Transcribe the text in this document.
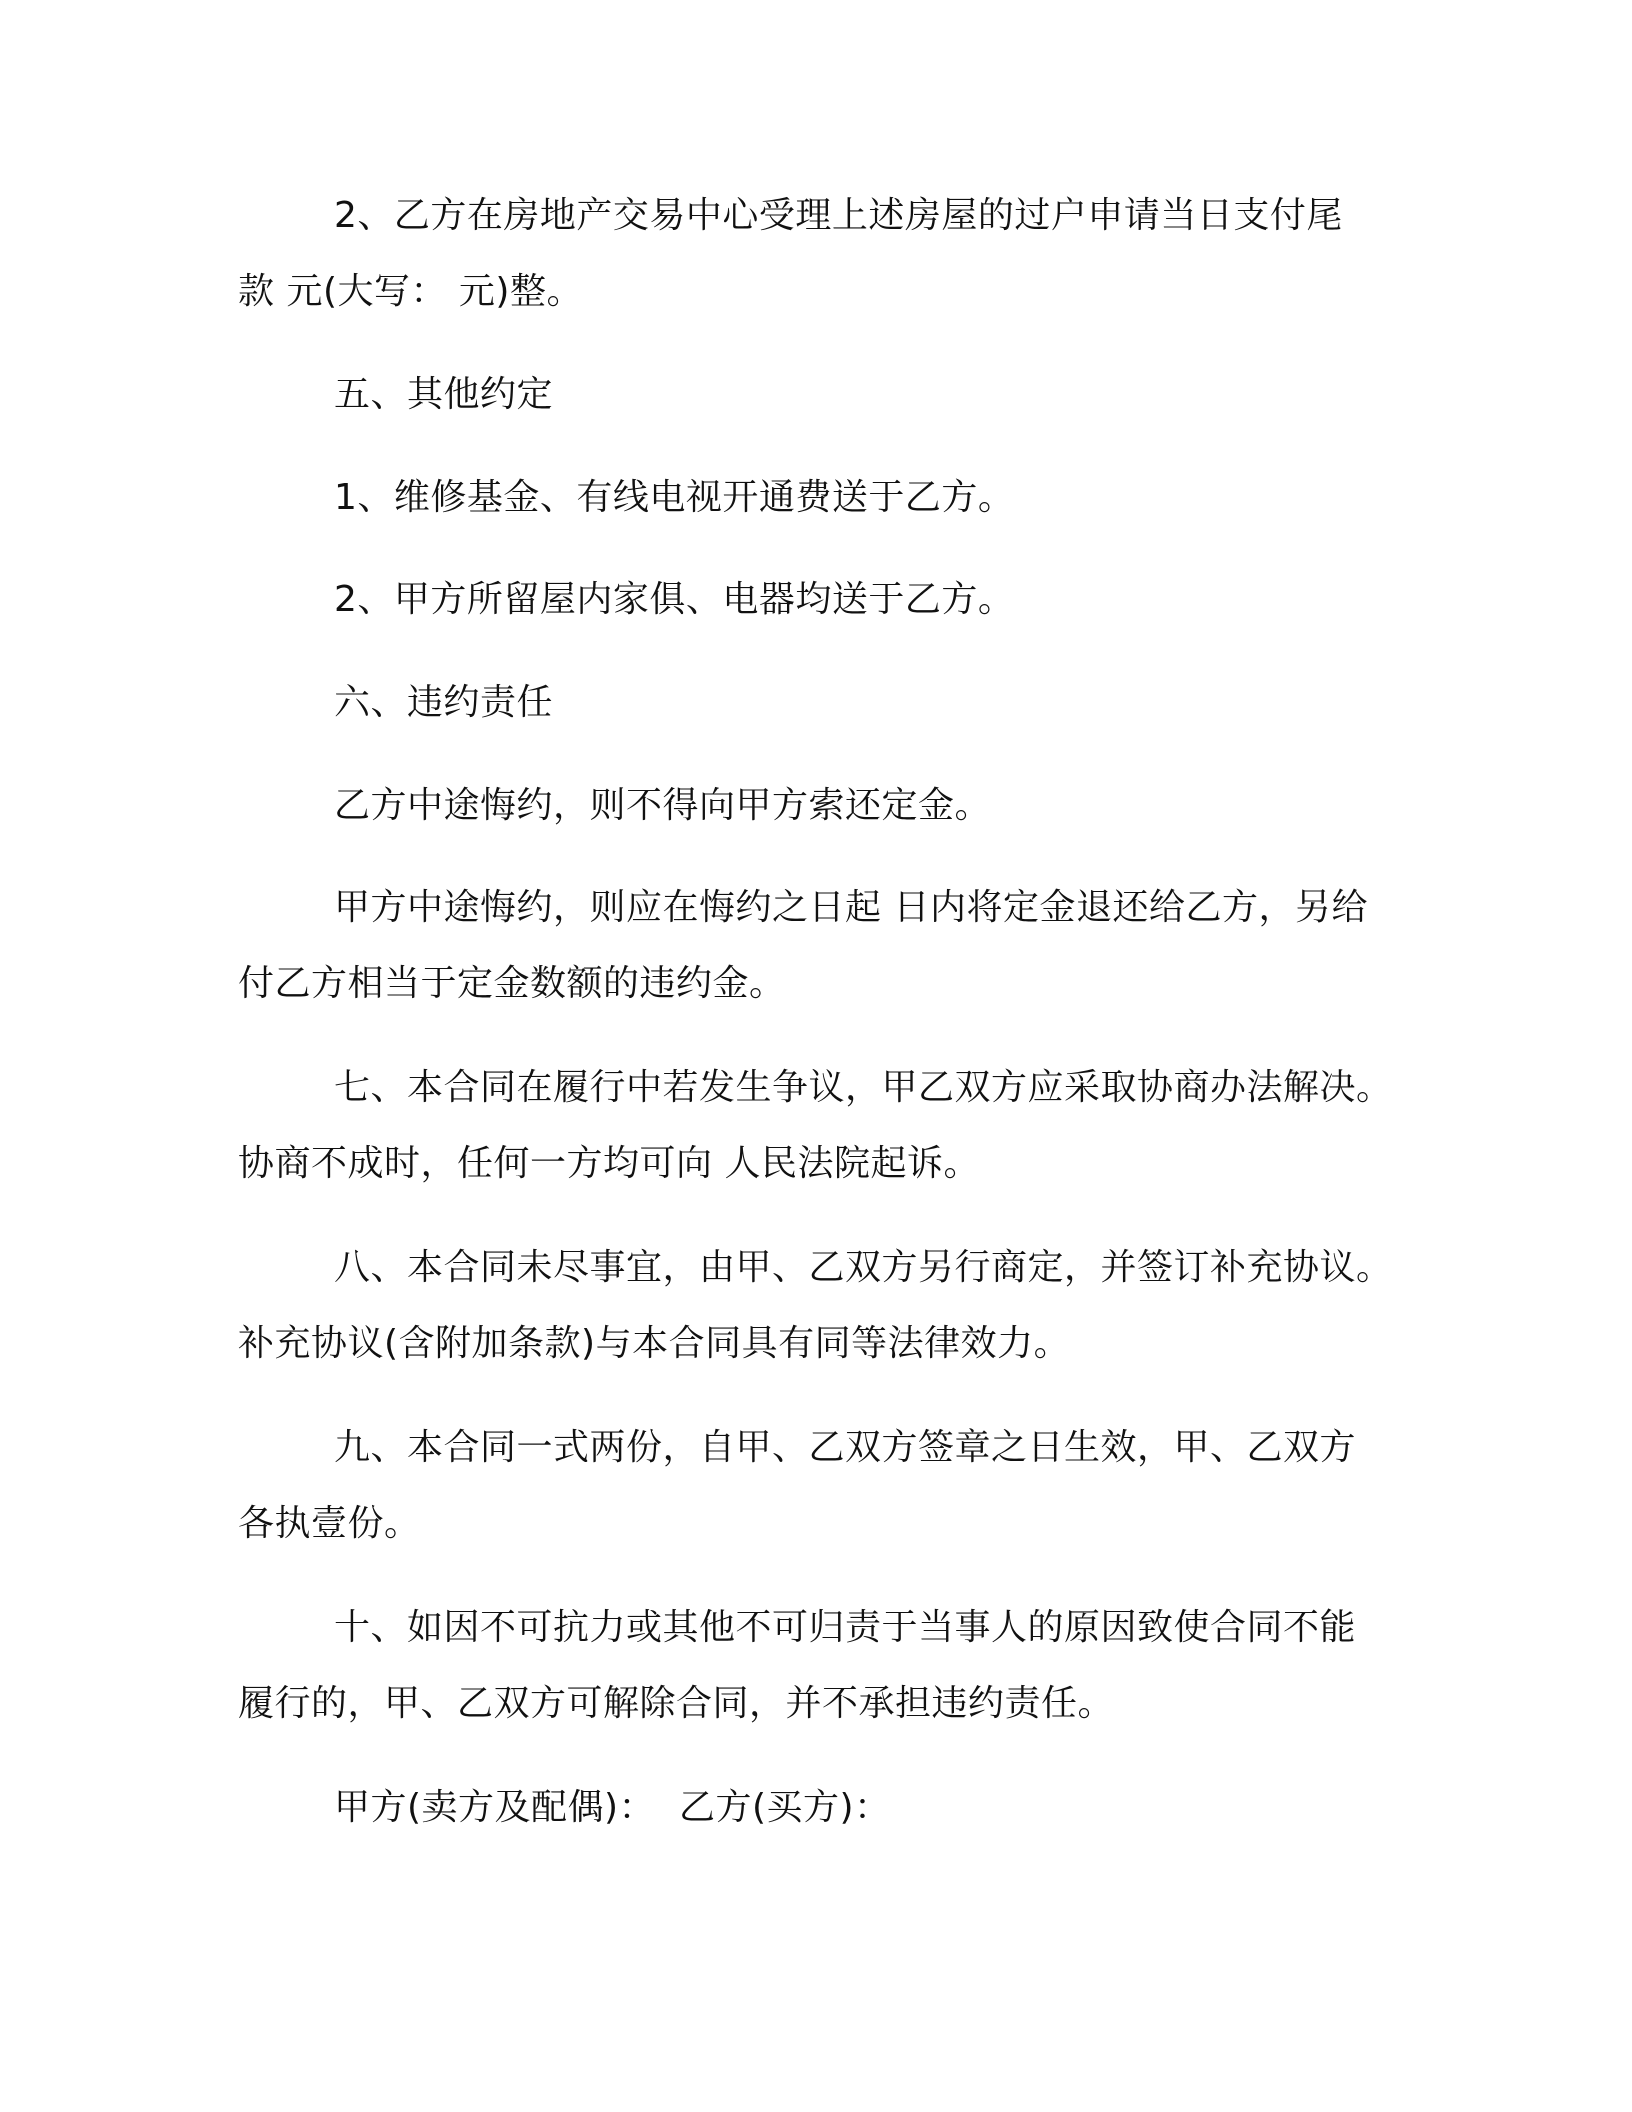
2、乙方在房地产交易中心受理上述房屋的过户申请当日支付尾
款 元(大写： 元)整。
五、其他约定
1、维修基金、有线电视开通费送于乙方。
2、甲方所留屋内家俱、电器均送于乙方。
六、违约责任
乙方中途悔约，则不得向甲方索还定金。
甲方中途悔约，则应在悔约之日起 日内将定金退还给乙方，另给
付乙方相当于定金数额的违约金。
七、本合同在履行中若发生争议，甲乙双方应采取协商办法解决。
协商不成时，任何一方均可向 人民法院起诉。
八、本合同未尽事宜，由甲、乙双方另行商定，并签订补充协议。
补充协议(含附加条款)与本合同具有同等法律效力。
九、本合同一式两份，自甲、乙双方签章之日生效，甲、乙双方
各执壹份。
十、如因不可抗力或其他不可归责于当事人的原因致使合同不能
履行的，甲、乙双方可解除合同，并不承担违约责任。
甲方(卖方及配偶)：  乙方(买方)：
